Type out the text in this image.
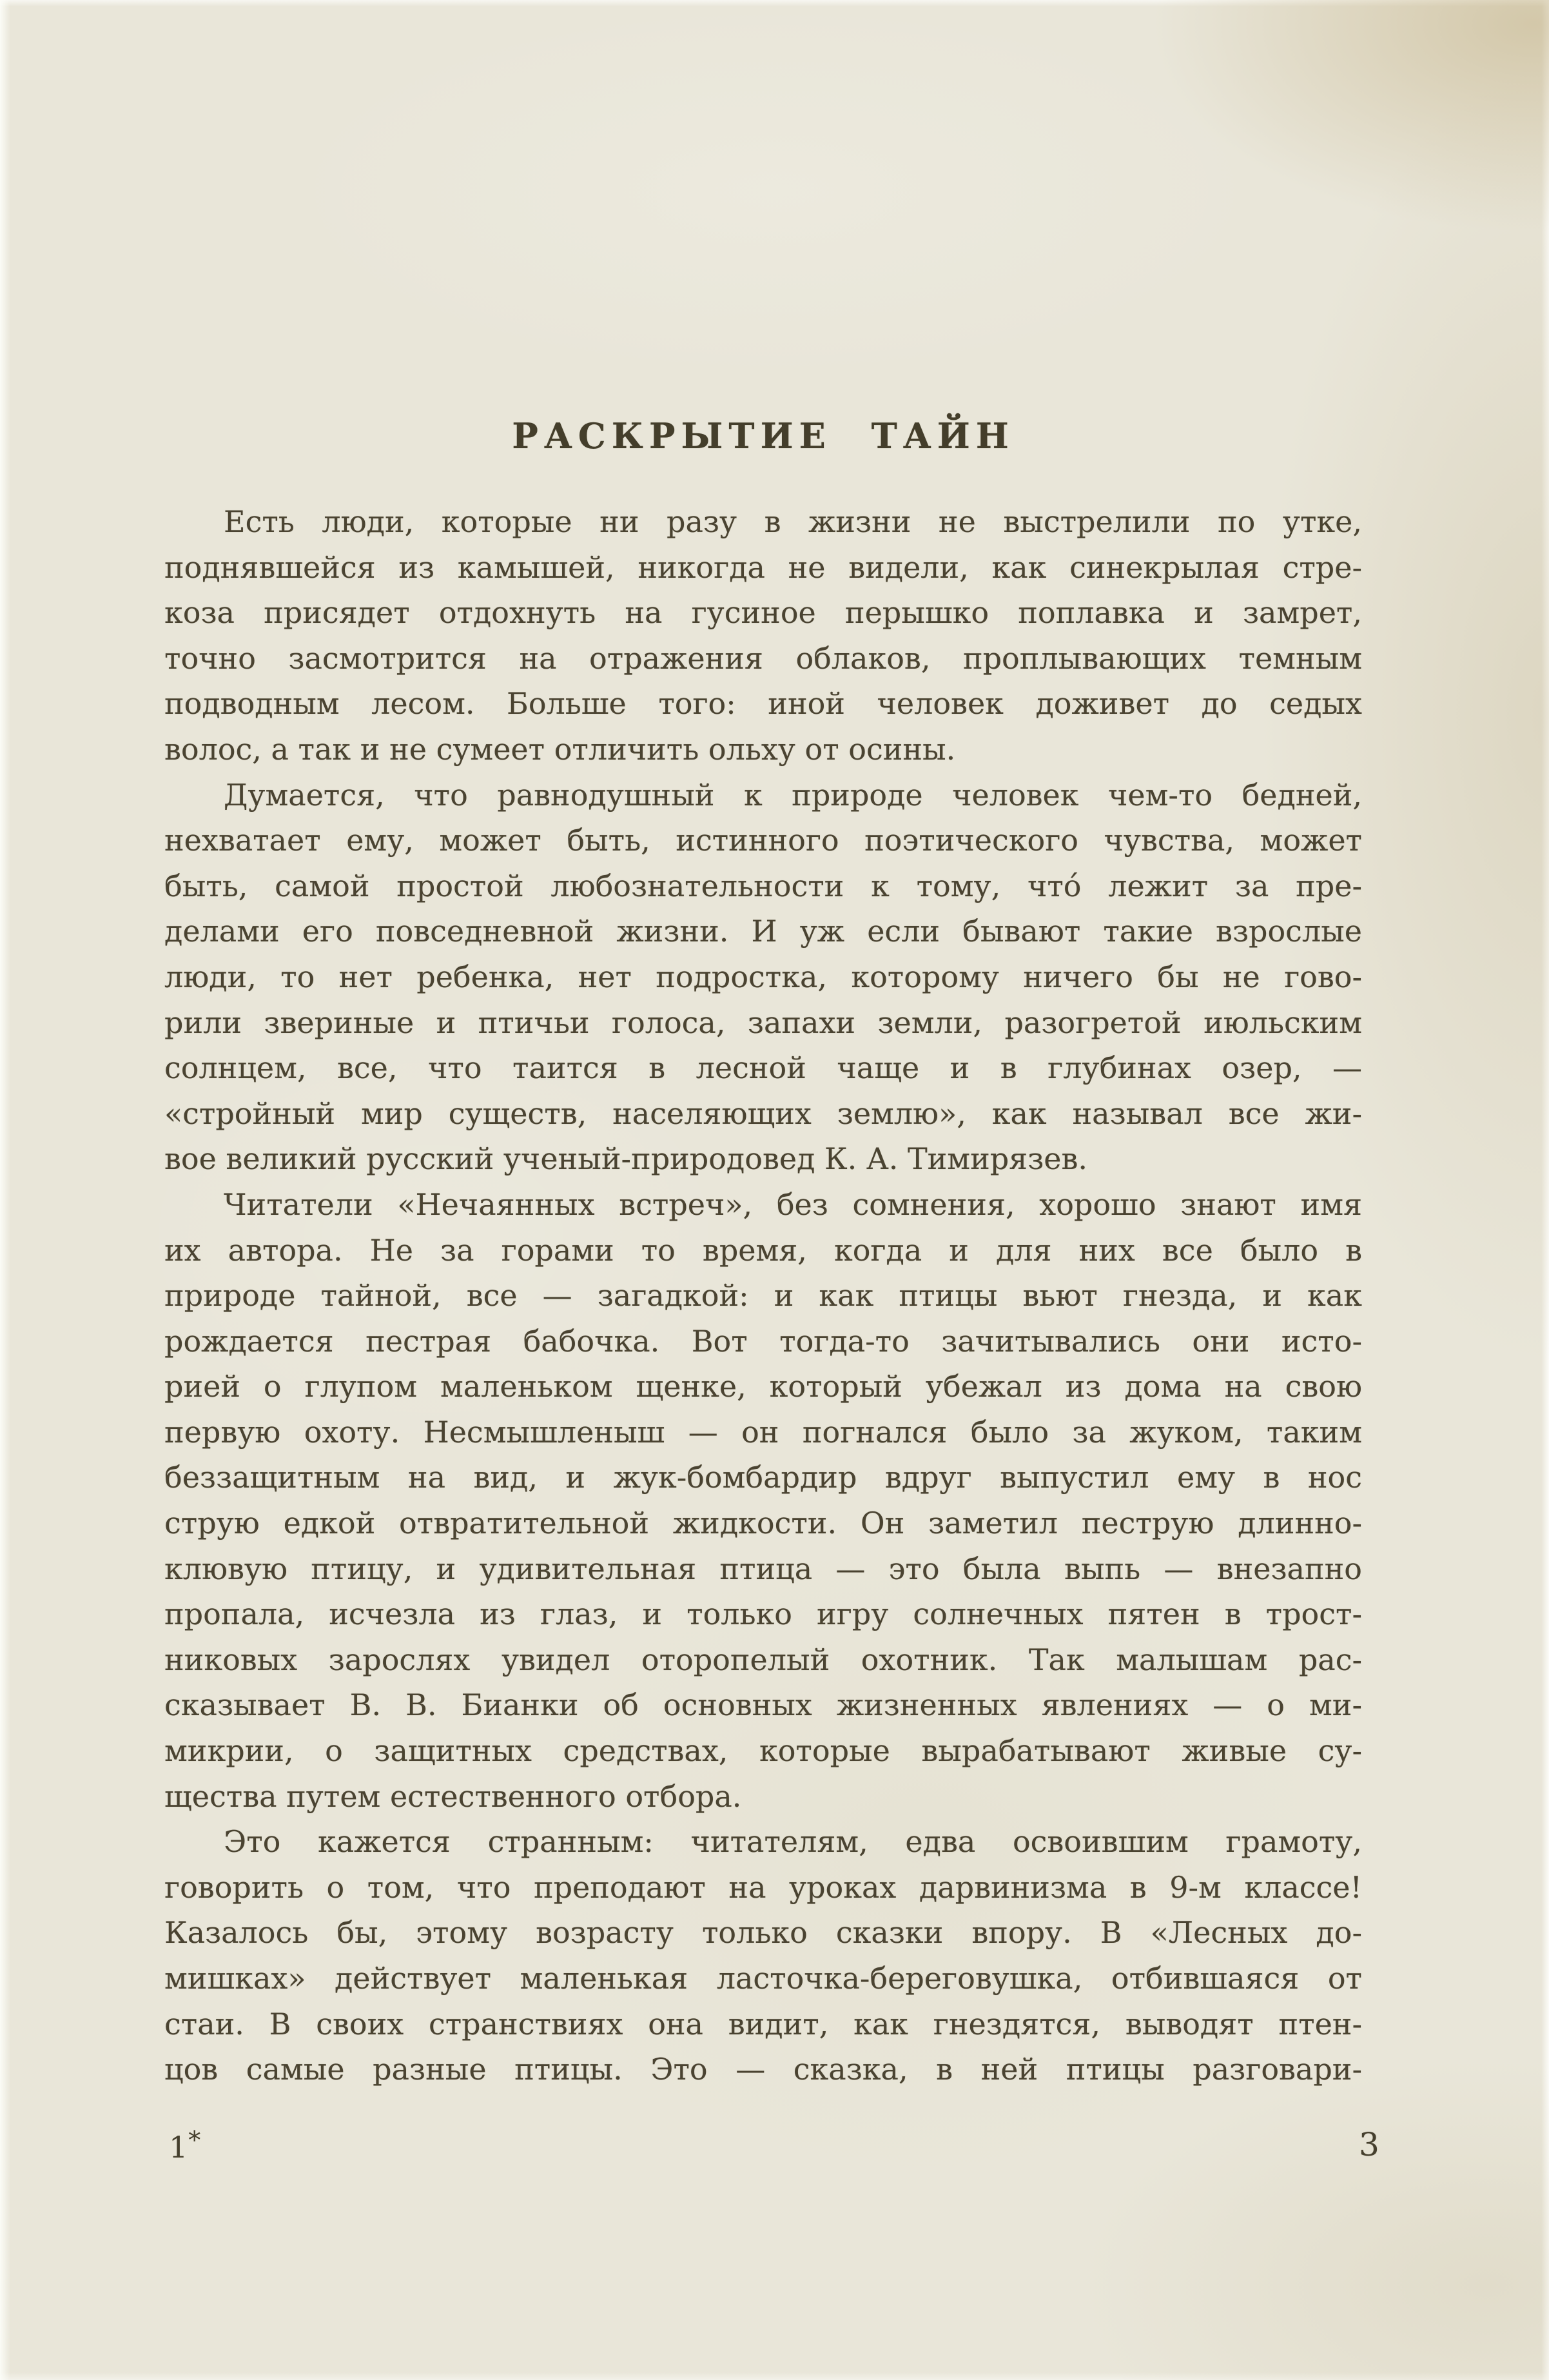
РАСКРЫТИЕ ТАЙН
Есть люди, которые ни разу в жизни не выстрелили по утке,
поднявшейся из камышей, никогда не видели, как синекрылая стре-
коза присядет отдохнуть на гусиное перышко поплавка и замрет,
точно засмотрится на отражения облаков, проплывающих темным
подводным лесом. Больше того: иной человек доживет до седых
волос, а так и не сумеет отличить ольху от осины.
Думается, что равнодушный к природе человек чем-то бедней,
нехватает ему, может быть, истинного поэтического чувства, может
быть, самой простой любознательности к тому, что́ лежит за пре-
делами его повседневной жизни. И уж если бывают такие взрослые
люди, то нет ребенка, нет подростка, которому ничего бы не гово-
рили звериные и птичьи голоса, запахи земли, разогретой июльским
солнцем, все, что таится в лесной чаще и в глубинах озер, —
«стройный мир существ, населяющих землю», как называл все жи-
вое великий русский ученый-природовед К. А. Тимирязев.
Читатели «Нечаянных встреч», без сомнения, хорошо знают имя
их автора. Не за горами то время, когда и для них все было в
природе тайной, все — загадкой: и как птицы вьют гнезда, и как
рождается пестрая бабочка. Вот тогда-то зачитывались они исто-
рией о глупом маленьком щенке, который убежал из дома на свою
первую охоту. Несмышленыш — он погнался было за жуком, таким
беззащитным на вид, и жук-бомбардир вдруг выпустил ему в нос
струю едкой отвратительной жидкости. Он заметил пеструю длинно-
клювую птицу, и удивительная птица — это была выпь — внезапно
пропала, исчезла из глаз, и только игру солнечных пятен в трост-
никовых зарослях увидел оторопелый охотник. Так малышам рас-
сказывает В. В. Бианки об основных жизненных явлениях — о ми-
микрии, о защитных средствах, которые вырабатывают живые су-
щества путем естественного отбора.
Это кажется странным: читателям, едва освоившим грамоту,
говорить о том, что преподают на уроках дарвинизма в 9-м классе!
Казалось бы, этому возрасту только сказки впору. В «Лесных до-
мишках» действует маленькая ласточка-береговушка, отбившаяся от
стаи. В своих странствиях она видит, как гнездятся, выводят птен-
цов самые разные птицы. Это — сказка, в ней птицы разговари-
1*	3
